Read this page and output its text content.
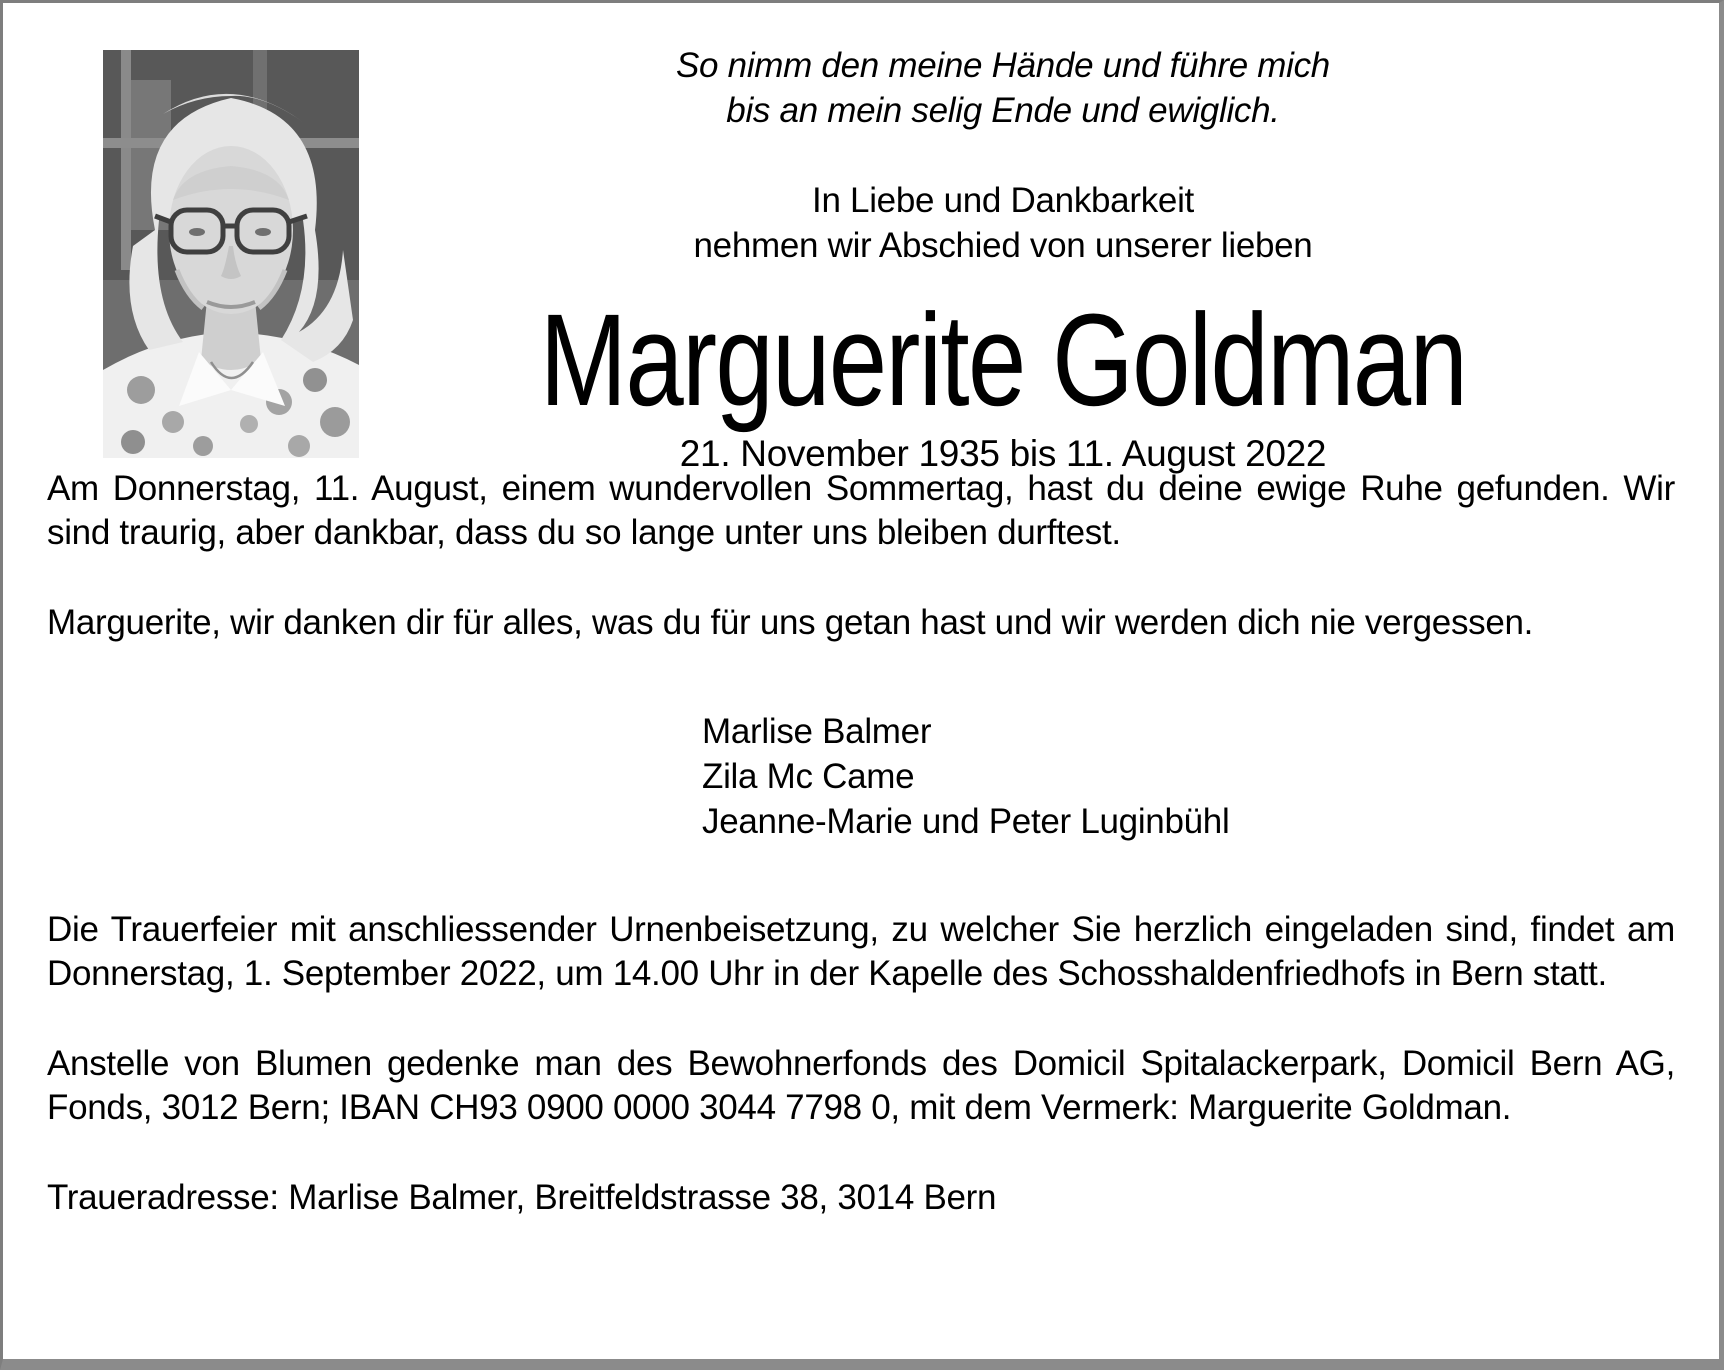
So nimm den meine Hände und führe mich
bis an mein selig Ende und ewiglich.
In Liebe und Dankbarkeit
nehmen wir Abschied von unserer lieben
Marguerite Goldman
21. November 1935 bis 11. August 2022

Am Donnerstag, 11. August, einem wundervollen Sommertag, hast du deine ewige Ruhe gefunden. Wir sind traurig, aber dankbar, dass du so lange unter uns bleiben durftest.

Marguerite, wir danken dir für alles, was du für uns getan hast und wir werden dich nie vergessen.

Marlise Balmer
Zila Mc Came
Jeanne-Marie und Peter Luginbühl

Die Trauerfeier mit anschliessender Urnenbeisetzung, zu welcher Sie herzlich eingeladen sind, findet am Donnerstag, 1. September 2022, um 14.00 Uhr in der Kapelle des Schosshaldenfriedhofs in Bern statt.

Anstelle von Blumen gedenke man des Bewohnerfonds des Domicil Spitalackerpark, Domicil Bern AG, Fonds, 3012 Bern; IBAN CH93 0900 0000 3044 7798 0, mit dem Vermerk: Marguerite Goldman.

Traueradresse: Marlise Balmer, Breitfeldstrasse 38, 3014 Bern
